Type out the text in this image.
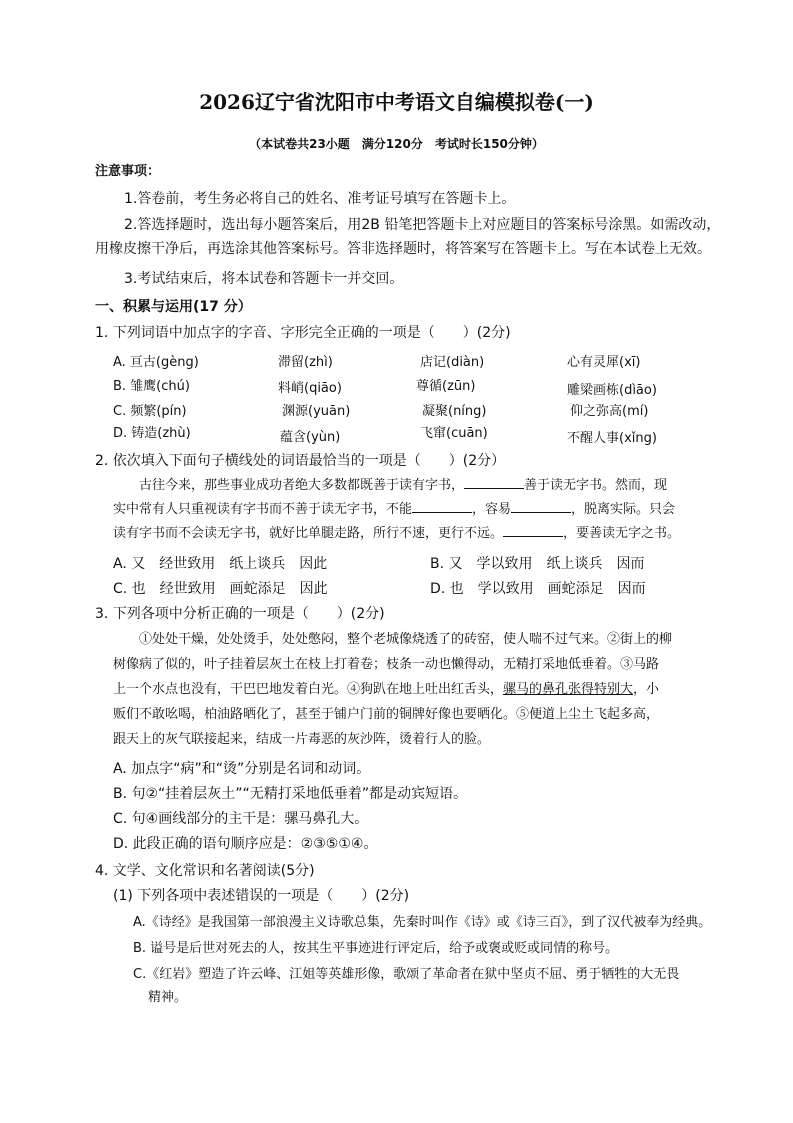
2026辽宁省沈阳市中考语文自编模拟卷(一)
（本试卷共23小题　满分120分　考试时长150分钟）
注意事项：
1.答卷前，考生务必将自己的姓名、准考证号填写在答题卡上。
2.答选择题时，选出每小题答案后，用2B 铅笔把答题卡上对应题目的答案标号涂黑。如需改动，
用橡皮擦干净后，再选涂其他答案标号。答非选择题时，将答案写在答题卡上。写在本试卷上无效。
3.考试结束后，将本试卷和答题卡一并交回。
一、积累与运用(17 分）
1. 下列词语中加点字的字音、字形完全正确的一项是（　　）(2分)
A. 亘古(gèng)	滞留(zhì)	店记(diàn)	心有灵犀(xī)
B. 雏鹰(chú)	料峭(qiāo)	尊循(zūn)	雕梁画栋(dìāo)
C. 频繁(pín)	渊源(yuān)	凝聚(níng)	仰之弥高(mí)
D. 铸造(zhù)	蕴含(yùn)	飞窜(cuān)	不醒人事(xǐng)
2. 依次填入下面句子横线处的词语最恰当的一项是（　　）(2分）

　　古往今来，那些事业成功者绝大多数都既善于读有字书，	善于读无字书。然而，现

实中常有人只重视读有字书而不善于读无字书，不能	，容易	，脱离实际。只会

读有字书而不会读无字书，就好比单腿走路，所行不速，更行不远。	，要善读无字之书。

A. 又　经世致用　纸上谈兵　因此	B. 又　学以致用　纸上谈兵　因而
C. 也　经世致用　画蛇添足　因此	D. 也　学以致用　画蛇添足　因而
3. 下列各项中分析正确的一项是（　　）(2分)

　　①处处干燥，处处烫手，处处憋闷，整个老城像烧透了的砖窑，使人喘不过气来。②街上的柳

树像病了似的，叶子挂着层灰土在枝上打着卷；枝条一动也懒得动，无精打采地低垂着。③马路

上一个水点也没有，干巴巴地发着白光。④狗趴在地上吐出红舌头，骡马的鼻孔张得特别大，小

贩们不敢吆喝，柏油路晒化了，甚至于铺户门前的铜牌好像也要晒化。⑤便道上尘土飞起多高，

跟天上的灰气联接起来，结成一片毒恶的灰沙阵，烫着行人的脸。

A. 加点字“病”和“烫”分别是名词和动词。
B. 句②“挂着层灰土”“无精打采地低垂着”都是动宾短语。
C. 句④画线部分的主干是：骡马鼻孔大。
D. 此段正确的语句顺序应是：②③⑤①④。
4. 文学、文化常识和名著阅读(5分)
(1) 下列各项中表述错误的一项是（　　）(2分)
A.《诗经》是我国第一部浪漫主义诗歌总集，先秦时叫作《诗》或《诗三百》，到了汉代被奉为经典。
B. 谥号是后世对死去的人，按其生平事迹进行评定后，给予或褒或贬或同情的称号。
C.《红岩》塑造了许云峰、江姐等英雄形像，歌颂了革命者在狱中坚贞不屈、勇于牺牲的大无畏
精神。
